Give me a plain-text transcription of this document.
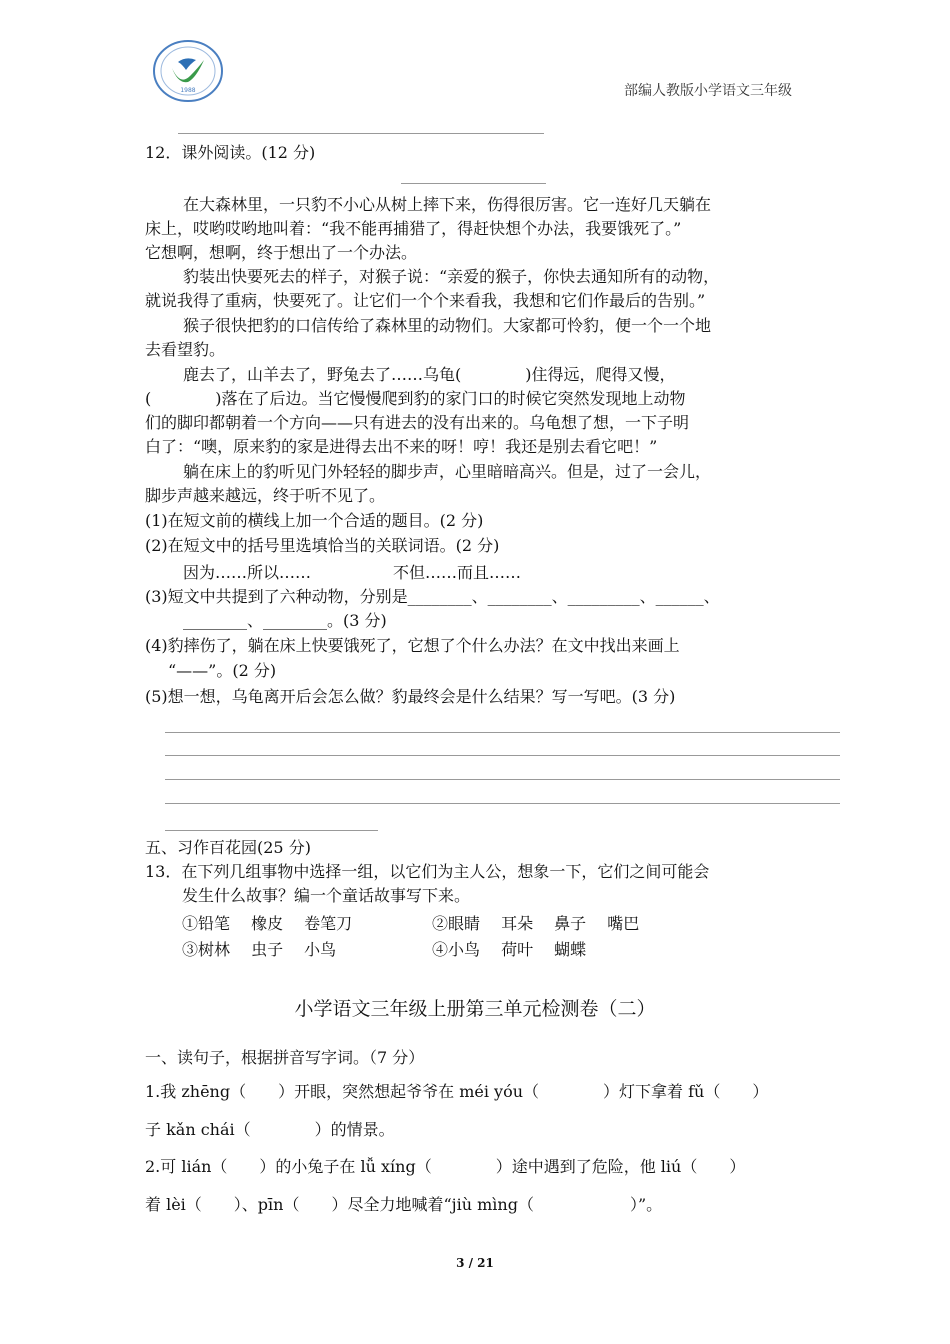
1988	部编人教版小学语文三年级
12．课外阅读。(12 分)
在大森林里，一只豹不小心从树上摔下来，伤得很厉害。它一连好几天躺在
床上，哎哟哎哟地叫着：“我不能再捕猎了，得赶快想个办法，我要饿死了。”
它想啊，想啊，终于想出了一个办法。
豹装出快要死去的样子，对猴子说：“亲爱的猴子，你快去通知所有的动物，
就说我得了重病，快要死了。让它们一个个来看我，我想和它们作最后的告别。”
猴子很快把豹的口信传给了森林里的动物们。大家都可怜豹，便一个一个地
去看望豹。
鹿去了，山羊去了，野兔去了……乌龟(　　　　)住得远，爬得又慢，
(　　　　)落在了后边。当它慢慢爬到豹的家门口的时候它突然发现地上动物
们的脚印都朝着一个方向——只有进去的没有出来的。乌龟想了想，一下子明
白了：“噢，原来豹的家是进得去出不来的呀！哼！我还是别去看它吧！”
躺在床上的豹听见门外轻轻的脚步声，心里暗暗高兴。但是，过了一会儿，
脚步声越来越远，终于听不见了。
(1)在短文前的横线上加一个合适的题目。(2 分)
(2)在短文中的括号里选填恰当的关联词语。(2 分)
因为……所以……	不但……而且……
(3)短文中共提到了六种动物，分别是________、________、_________、______、
________、________。(3 分)
(4)豹摔伤了，躺在床上快要饿死了，它想了个什么办法？在文中找出来画上
“——”。(2 分)
(5)想一想，乌龟离开后会怎么做？豹最终会是什么结果？写一写吧。(3 分)
五、习作百花园(25 分)
13．在下列几组事物中选择一组，以它们为主人公，想象一下，它们之间可能会
发生什么故事？编一个童话故事写下来。
①铅笔　 橡皮　 卷笔刀	②眼睛　 耳朵　 鼻子　 嘴巴
③树林　 虫子　 小鸟	④小鸟　 荷叶　 蝴蝶
小学语文三年级上册第三单元检测卷（二）
一、读句子，根据拼音写字词。（7 分）
1.我 zhēng（　　）开眼，突然想起爷爷在 méi yóu（　　　　）灯下拿着 fǔ（　　）
子 kǎn chái（　　　　）的情景。
2.可 lián（　　）的小兔子在 lǚ xíng（　　　　）途中遇到了危险，他 liú（　　）
着 lèi（　　）、pīn（　　）尽全力地喊着“jiù mìng（　　　　　　）”。
3 / 21
